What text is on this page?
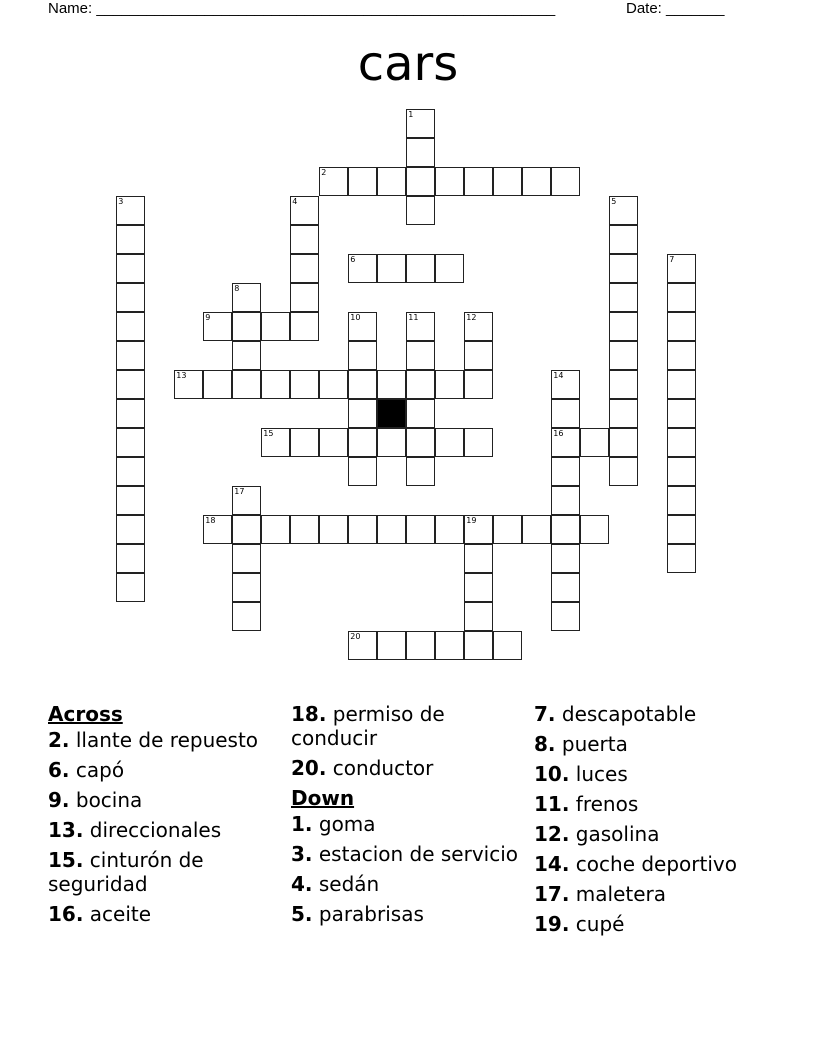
Name: _______________________________________________________	Date: _______
cars
1
2
3	4	5
6	7
8
9	10	11	12
13	14
16
15
17
18	19
20
Across
2. llante de repuesto
6. capó
9. bocina
13. direccionales
15. cinturón de seguridad
16. aceite
18. permiso de conducir
20. conductor
Down
1. goma
3. estacion de servicio
4. sedán
5. parabrisas
7. descapotable
8. puerta
10. luces
11. frenos
12. gasolina
14. coche deportivo
17. maletera
19. cupé
